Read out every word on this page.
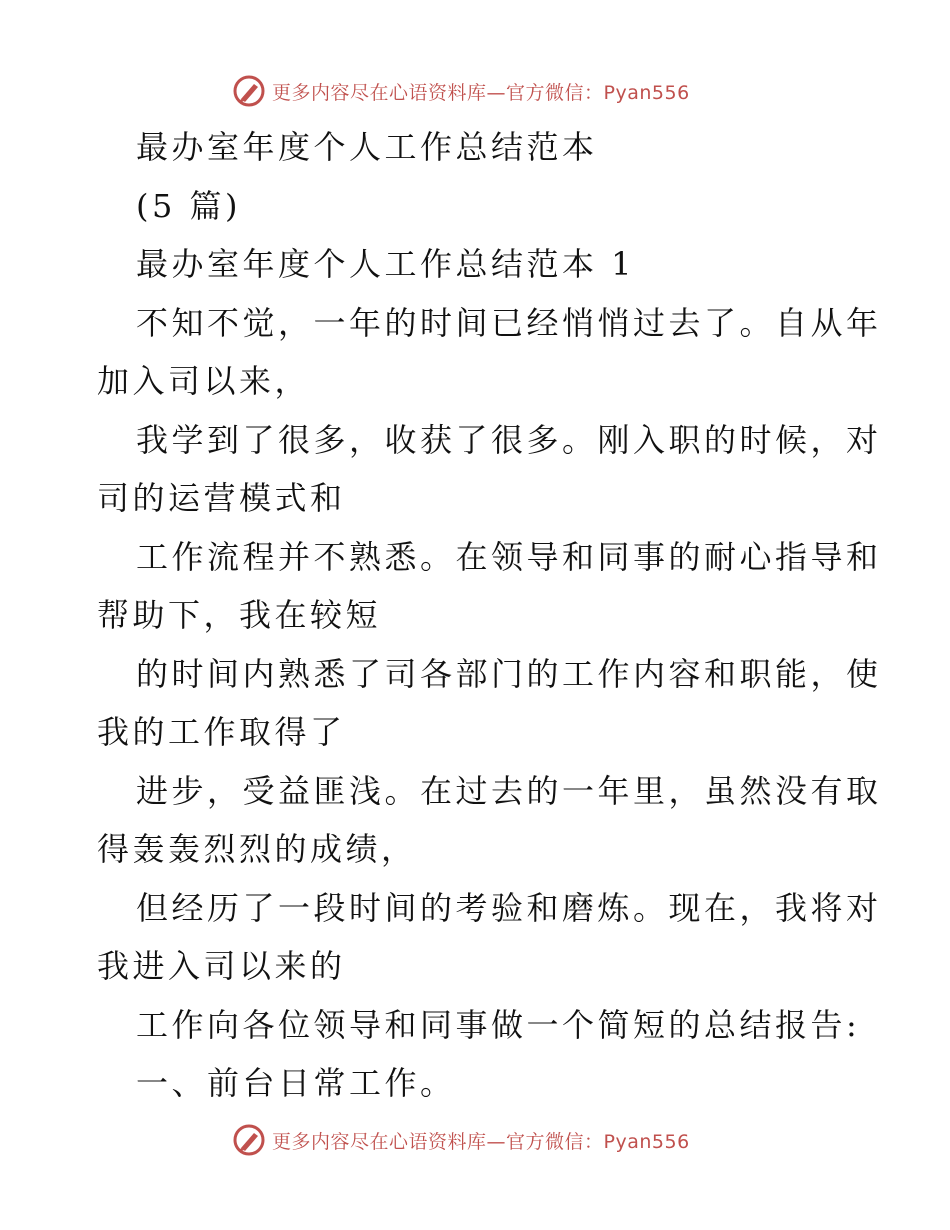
更多内容尽在心语资料库—官方微信：Pyan556
最办室年度个人工作总结范本
(5 篇)
最办室年度个人工作总结范本 1
不知不觉，一年的时间已经悄悄过去了。自从年
加入司以来，
我学到了很多，收获了很多。刚入职的时候，对
司的运营模式和
工作流程并不熟悉。在领导和同事的耐心指导和
帮助下，我在较短
的时间内熟悉了司各部门的工作内容和职能，使
我的工作取得了
进步，受益匪浅。在过去的一年里，虽然没有取
得轰轰烈烈的成绩，
但经历了一段时间的考验和磨炼。现在，我将对
我进入司以来的
工作向各位领导和同事做一个简短的总结报告:
一、前台日常工作。
更多内容尽在心语资料库—官方微信：Pyan556
